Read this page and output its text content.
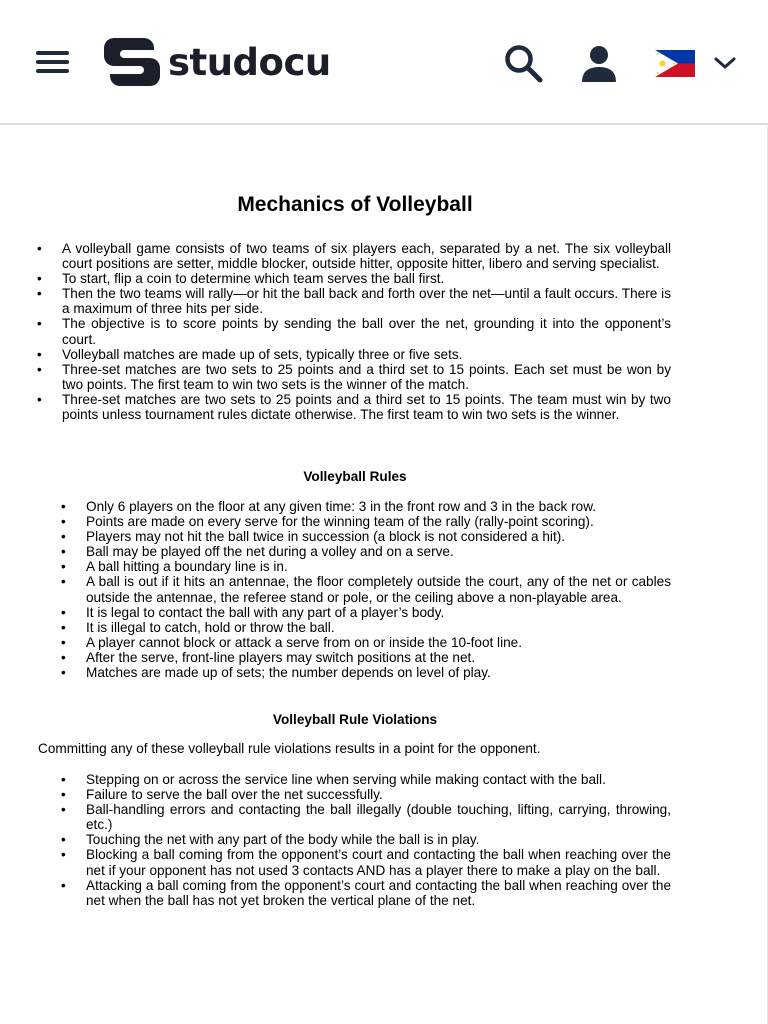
studocu
Mechanics of Volleyball
• A volleyball game consists of two teams of six players each, separated by a net. The six volleyball court positions are setter, middle blocker, outside hitter, opposite hitter, libero and serving specialist.
• To start, flip a coin to determine which team serves the ball first.
• Then the two teams will rally—or hit the ball back and forth over the net—until a fault occurs. There is a maximum of three hits per side.
• The objective is to score points by sending the ball over the net, grounding it into the opponent’s court.
• Volleyball matches are made up of sets, typically three or five sets.
• Three-set matches are two sets to 25 points and a third set to 15 points. Each set must be won by two points. The first team to win two sets is the winner of the match.
• Three-set matches are two sets to 25 points and a third set to 15 points. The team must win by two points unless tournament rules dictate otherwise. The first team to win two sets is the winner.
Volleyball Rules
• Only 6 players on the floor at any given time: 3 in the front row and 3 in the back row.
• Points are made on every serve for the winning team of the rally (rally-point scoring).
• Players may not hit the ball twice in succession (a block is not considered a hit).
• Ball may be played off the net during a volley and on a serve.
• A ball hitting a boundary line is in.
• A ball is out if it hits an antennae, the floor completely outside the court, any of the net or cables outside the antennae, the referee stand or pole, or the ceiling above a non-playable area.
• It is legal to contact the ball with any part of a player’s body.
• It is illegal to catch, hold or throw the ball.
• A player cannot block or attack a serve from on or inside the 10-foot line.
• After the serve, front-line players may switch positions at the net.
• Matches are made up of sets; the number depends on level of play.
Volleyball Rule Violations

Committing any of these volleyball rule violations results in a point for the opponent.

• Stepping on or across the service line when serving while making contact with the ball.
• Failure to serve the ball over the net successfully.
• Ball-handling errors and contacting the ball illegally (double touching, lifting, carrying, throwing, etc.)
• Touching the net with any part of the body while the ball is in play.
• Blocking a ball coming from the opponent’s court and contacting the ball when reaching over the net if your opponent has not used 3 contacts AND has a player there to make a play on the ball.
• Attacking a ball coming from the opponent’s court and contacting the ball when reaching over the net when the ball has not yet broken the vertical plane of the net.
